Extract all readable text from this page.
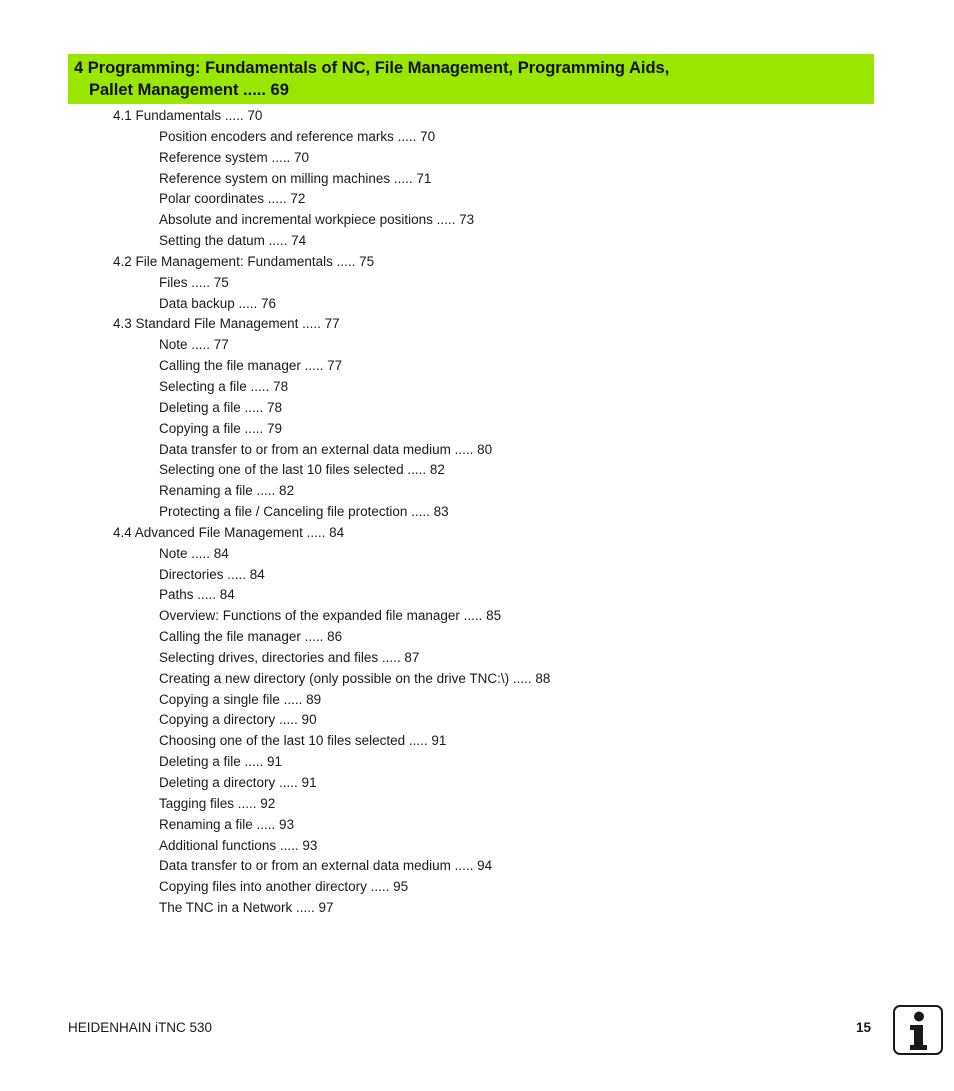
4 Programming: Fundamentals of NC, File Management, Programming Aids,
Pallet Management ..... 69
4.1 Fundamentals ..... 70
Position encoders and reference marks ..... 70
Reference system ..... 70
Reference system on milling machines ..... 71
Polar coordinates ..... 72
Absolute and incremental workpiece positions ..... 73
Setting the datum ..... 74
4.2 File Management: Fundamentals ..... 75
Files ..... 75
Data backup ..... 76
4.3 Standard File Management ..... 77
Note ..... 77
Calling the file manager ..... 77
Selecting a file ..... 78
Deleting a file ..... 78
Copying a file ..... 79
Data transfer to or from an external data medium ..... 80
Selecting one of the last 10 files selected ..... 82
Renaming a file ..... 82
Protecting a file / Canceling file protection ..... 83
4.4 Advanced File Management ..... 84
Note ..... 84
Directories ..... 84
Paths ..... 84
Overview: Functions of the expanded file manager ..... 85
Calling the file manager ..... 86
Selecting drives, directories and files ..... 87
Creating a new directory (only possible on the drive TNC:\) ..... 88
Copying a single file ..... 89
Copying a directory ..... 90
Choosing one of the last 10 files selected ..... 91
Deleting a file ..... 91
Deleting a directory ..... 91
Tagging files ..... 92
Renaming a file ..... 93
Additional functions ..... 93
Data transfer to or from an external data medium ..... 94
Copying files into another directory ..... 95
The TNC in a Network ..... 97
HEIDENHAIN iTNC 530	15
